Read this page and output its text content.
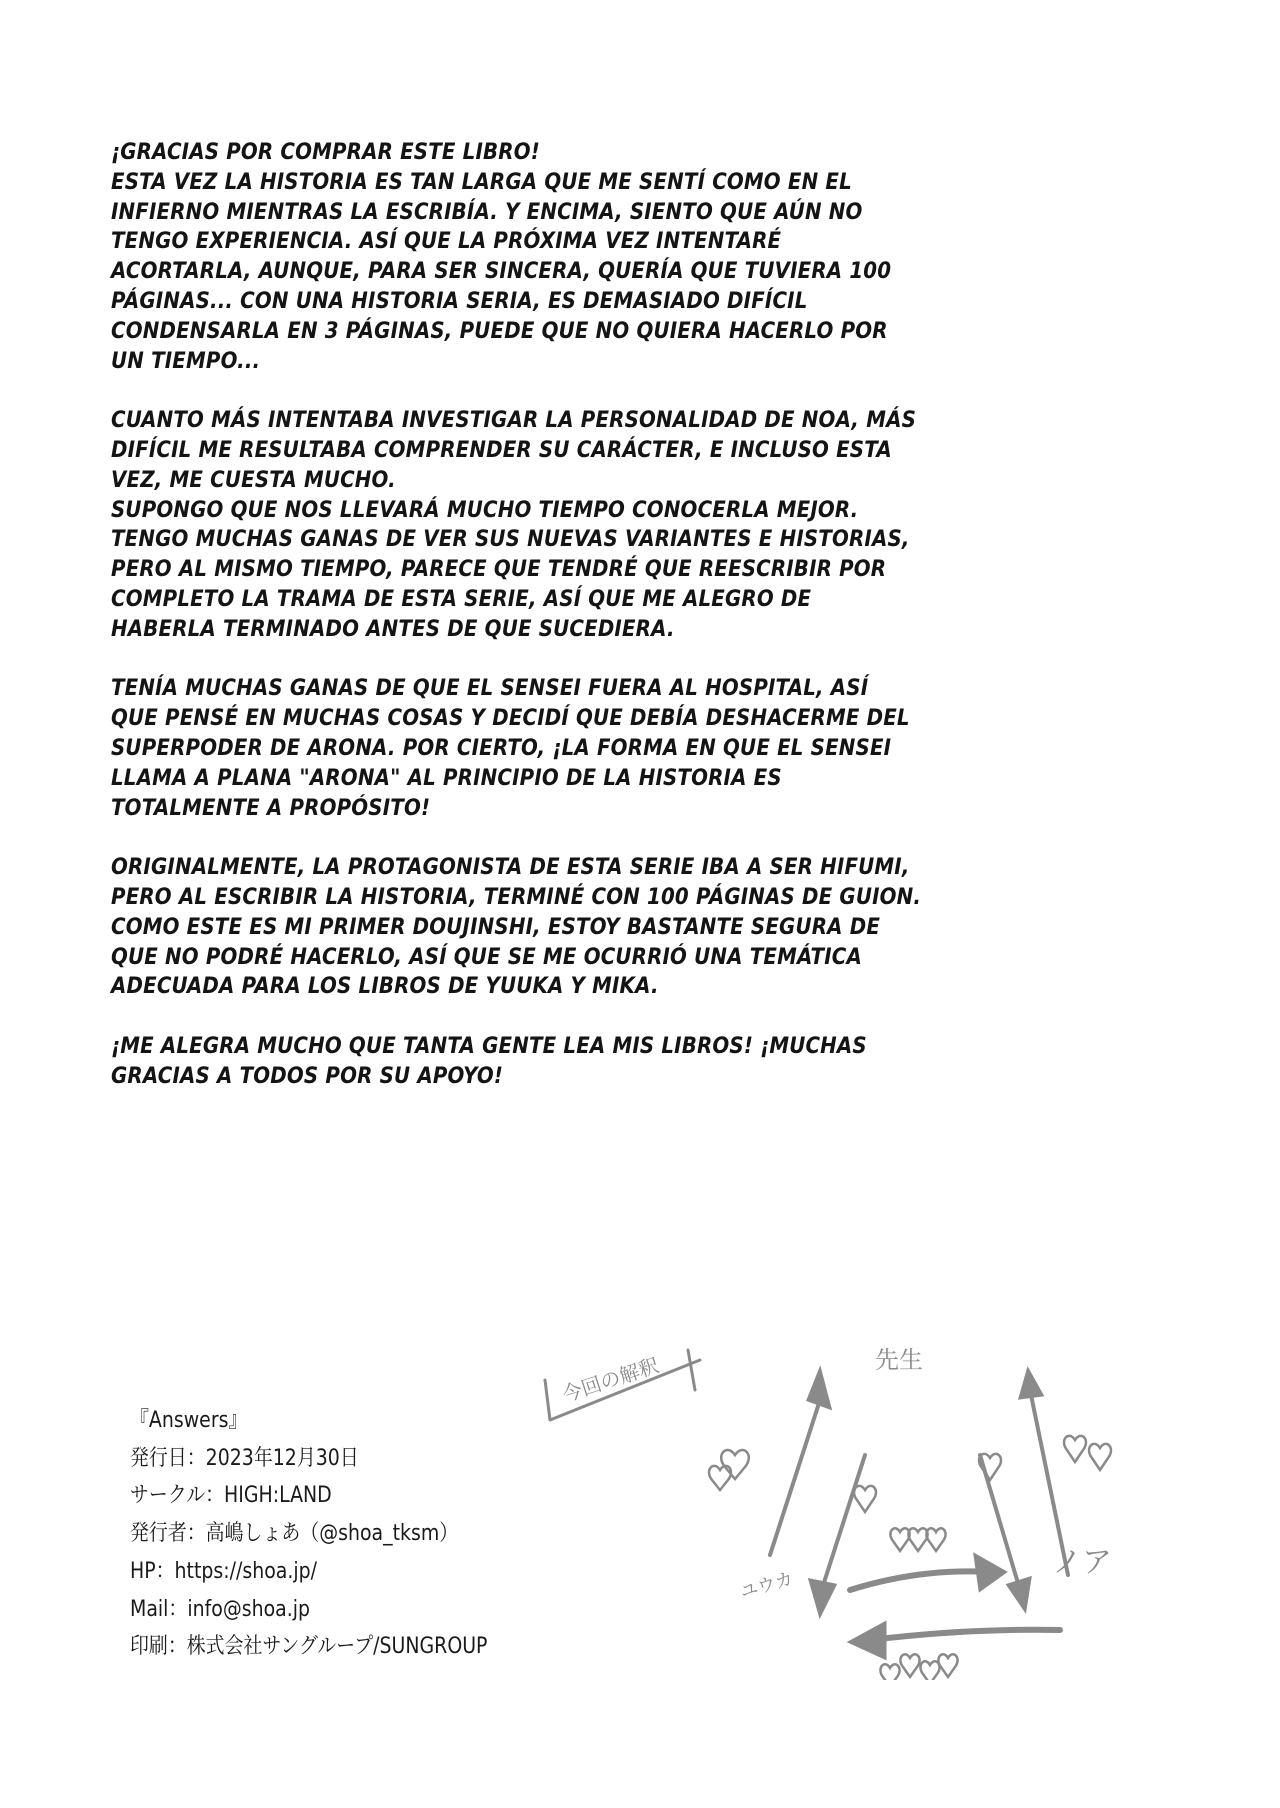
¡GRACIAS POR COMPRAR ESTE LIBRO!
ESTA VEZ LA HISTORIA ES TAN LARGA QUE ME SENTÍ COMO EN EL
INFIERNO MIENTRAS LA ESCRIBÍA. Y ENCIMA, SIENTO QUE AÚN NO
TENGO EXPERIENCIA. ASÍ QUE LA PRÓXIMA VEZ INTENTARÉ
ACORTARLA, AUNQUE, PARA SER SINCERA, QUERÍA QUE TUVIERA 100
PÁGINAS... CON UNA HISTORIA SERIA, ES DEMASIADO DIFÍCIL
CONDENSARLA EN 3 PÁGINAS, PUEDE QUE NO QUIERA HACERLO POR
UN TIEMPO...
CUANTO MÁS INTENTABA INVESTIGAR LA PERSONALIDAD DE NOA, MÁS
DIFÍCIL ME RESULTABA COMPRENDER SU CARÁCTER, E INCLUSO ESTA
VEZ, ME CUESTA MUCHO.
SUPONGO QUE NOS LLEVARÁ MUCHO TIEMPO CONOCERLA MEJOR.
TENGO MUCHAS GANAS DE VER SUS NUEVAS VARIANTES E HISTORIAS,
PERO AL MISMO TIEMPO, PARECE QUE TENDRÉ QUE REESCRIBIR POR
COMPLETO LA TRAMA DE ESTA SERIE, ASÍ QUE ME ALEGRO DE
HABERLA TERMINADO ANTES DE QUE SUCEDIERA.
TENÍA MUCHAS GANAS DE QUE EL SENSEI FUERA AL HOSPITAL, ASÍ
QUE PENSÉ EN MUCHAS COSAS Y DECIDÍ QUE DEBÍA DESHACERME DEL
SUPERPODER DE ARONA. POR CIERTO, ¡LA FORMA EN QUE EL SENSEI
LLAMA A PLANA "ARONA" AL PRINCIPIO DE LA HISTORIA ES
TOTALMENTE A PROPÓSITO!
ORIGINALMENTE, LA PROTAGONISTA DE ESTA SERIE IBA A SER HIFUMI,
PERO AL ESCRIBIR LA HISTORIA, TERMINÉ CON 100 PÁGINAS DE GUION.
COMO ESTE ES MI PRIMER DOUJINSHI, ESTOY BASTANTE SEGURA DE
QUE NO PODRÉ HACERLO, ASÍ QUE SE ME OCURRIÓ UNA TEMÁTICA
ADECUADA PARA LOS LIBROS DE YUUKA Y MIKA.
¡ME ALEGRA MUCHO QUE TANTA GENTE LEA MIS LIBROS! ¡MUCHAS
GRACIAS A TODOS POR SU APOYO!
『Answers』
発行日：2023年12月30日
サークル：HIGH:LAND
発行者：高嶋しょあ（@shoa_tksm）
HP：https://shoa.jp/
Mail：info@shoa.jp
印刷：株式会社サングループ/SUNGROUP
今回の解釈	先生
ユウカ
ノア
